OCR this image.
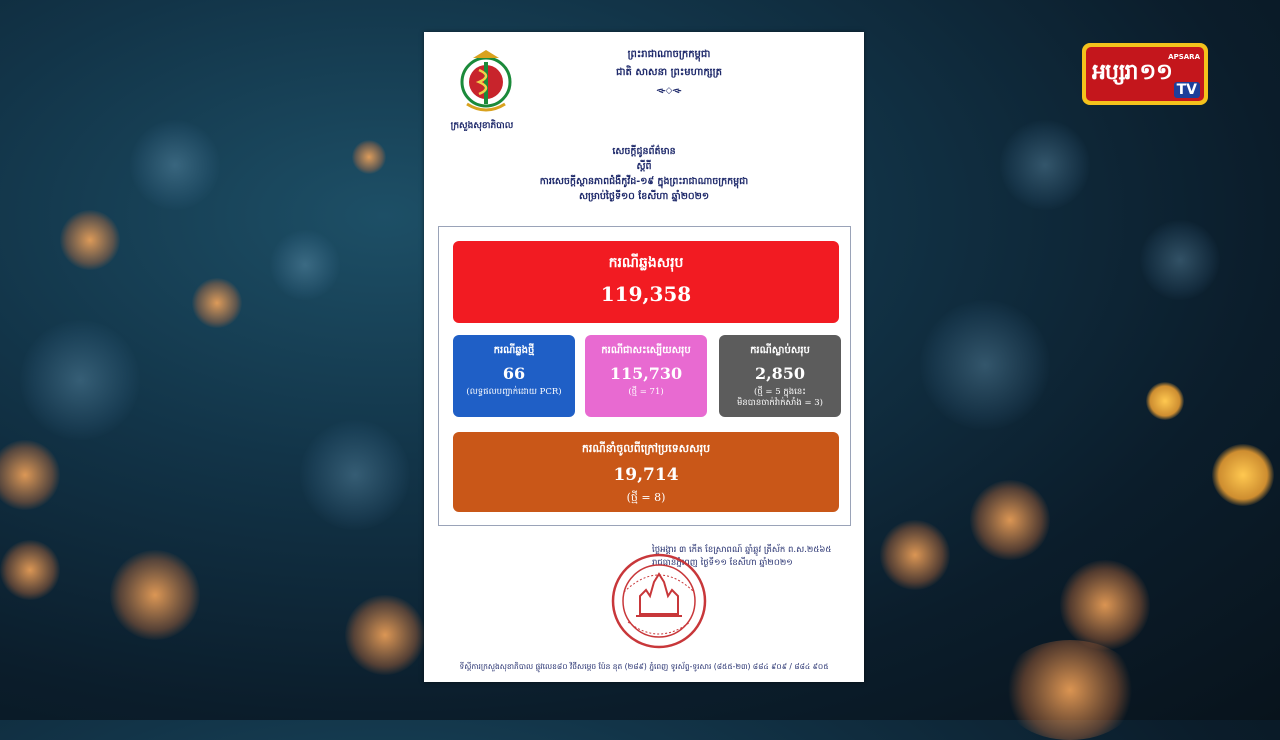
អប្សរា ១១
APSARA
TV
ក្រសួងសុខាភិបាល
ព្រះរាជាណាចក្រកម្ពុជា
ជាតិ សាសនា ព្រះមហាក្សត្រ
ᯐ◇ᯐ
សេចក្តីជូនព័ត៌មាន
ស្តីពី
ការសេចក្តីស្ថានភាពជំងឺកូវីដ-១៩ ក្នុងព្រះរាជាណាចក្រកម្ពុជា
សម្រាប់ថ្ងៃទី១០ ខែសីហា ឆ្នាំ២០២១
ករណីឆ្លងសរុប
119,358
ករណីឆ្លងថ្មី
66
(លទ្ធផលបញ្ជាក់ដោយ PCR)
ករណីជាសះស្បើយសរុប
115,730
(ថ្មី = 71)
ករណីស្លាប់សរុប
2,850
(ថ្មី = 5 ក្នុងនេះ
មិនបានចាក់វ៉ាក់សាំង = 3)
ករណីនាំចូលពីក្រៅប្រទេសសរុប
19,714
(ថ្មី = 8)
ថ្ងៃអង្គារ ៣ កើត ខែស្រាពណ៍ ឆ្នាំឆ្លូវ ត្រីស័ក ព.ស.២៥៦៥
រាជធានីភ្នំពេញ ថ្ងៃទី១១ ខែសីហា ឆ្នាំ២០២១
ទីស្តីការក្រសួងសុខាភិបាល ផ្លូវលេខ៨០ វិថីសម្តេច ប៉ែន នុត (២៨៩) ភ្នំពេញ ទូរស័ព្ទ-ទូរសារ (៨៥៥-២៣) ៨៨៤ ៩០៩ / ៨៨៤ ៩០៥
